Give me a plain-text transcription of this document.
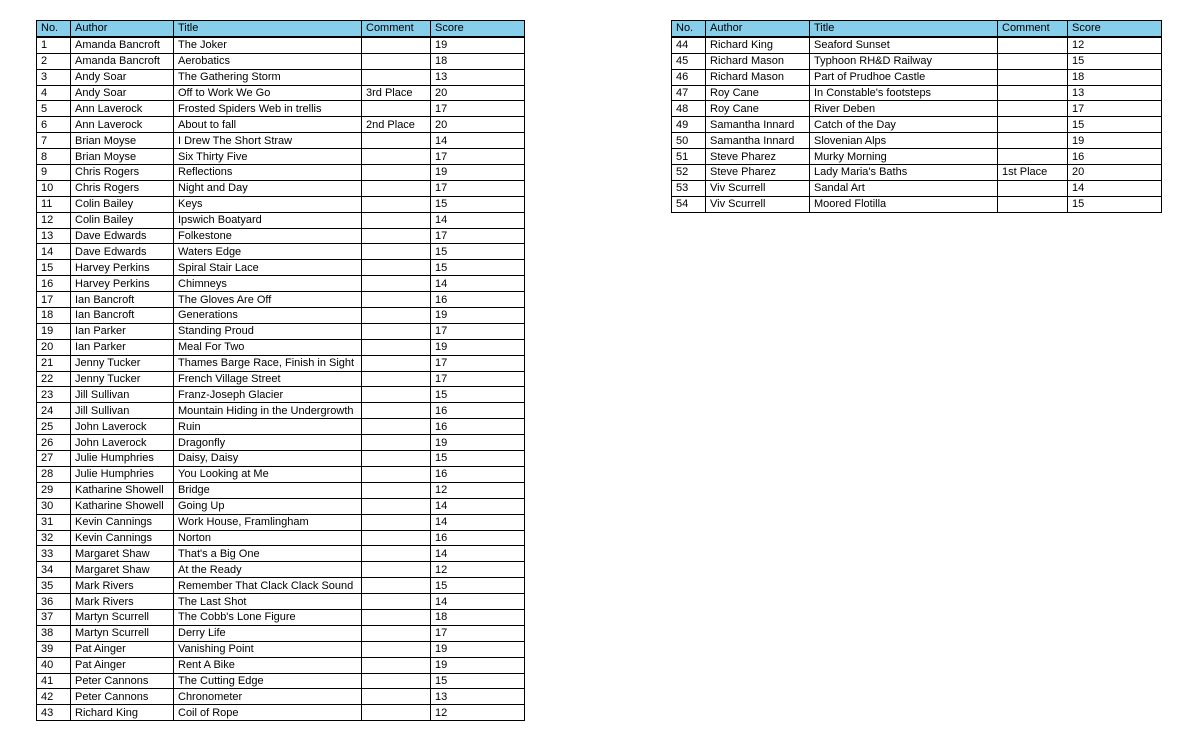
No.	Author	Title	Comment	Score
1	Amanda Bancroft	The Joker		19
2	Amanda Bancroft	Aerobatics		18
3	Andy Soar	The Gathering Storm		13
4	Andy Soar	Off to Work We Go	3rd Place	20
5	Ann Laverock	Frosted Spiders Web in trellis		17
6	Ann Laverock	About to fall	2nd Place	20
7	Brian Moyse	I Drew The Short Straw		14
8	Brian Moyse	Six Thirty Five		17
9	Chris Rogers	Reflections		19
10	Chris Rogers	Night and Day		17
11	Colin Bailey	Keys		15
12	Colin Bailey	Ipswich Boatyard		14
13	Dave Edwards	Folkestone		17
14	Dave Edwards	Waters Edge		15
15	Harvey Perkins	Spiral Stair Lace		15
16	Harvey Perkins	Chimneys		14
17	Ian Bancroft	The Gloves Are Off		16
18	Ian Bancroft	Generations		19
19	Ian Parker	Standing Proud		17
20	Ian Parker	Meal For Two		19
21	Jenny Tucker	Thames Barge Race, Finish in Sight		17
22	Jenny Tucker	French Village Street		17
23	Jill Sullivan	Franz-Joseph Glacier		15
24	Jill Sullivan	Mountain Hiding in the Undergrowth		16
25	John Laverock	Ruin		16
26	John Laverock	Dragonfly		19
27	Julie Humphries	Daisy, Daisy		15
28	Julie Humphries	You Looking at Me		16
29	Katharine Showell	Bridge		12
30	Katharine Showell	Going Up		14
31	Kevin Cannings	Work House, Framlingham		14
32	Kevin Cannings	Norton		16
33	Margaret Shaw	That's a Big One		14
34	Margaret Shaw	At the Ready		12
35	Mark Rivers	Remember That Clack Clack Sound		15
36	Mark Rivers	The Last Shot		14
37	Martyn Scurrell	The Cobb's Lone Figure		18
38	Martyn Scurrell	Derry Life		17
39	Pat Ainger	Vanishing Point		19
40	Pat Ainger	Rent A Bike		19
41	Peter Cannons	The Cutting Edge		15
42	Peter Cannons	Chronometer		13
43	Richard King	Coil of Rope		12
No.	Author	Title	Comment	Score
44	Richard King	Seaford Sunset		12
45	Richard Mason	Typhoon RH&D Railway		15
46	Richard Mason	Part of Prudhoe Castle		18
47	Roy Cane	In Constable's footsteps		13
48	Roy Cane	River Deben		17
49	Samantha Innard	Catch of the Day		15
50	Samantha Innard	Slovenian Alps		19
51	Steve Pharez	Murky Morning		16
52	Steve Pharez	Lady Maria's Baths	1st Place	20
53	Viv Scurrell	Sandal Art		14
54	Viv Scurrell	Moored Flotilla		15
